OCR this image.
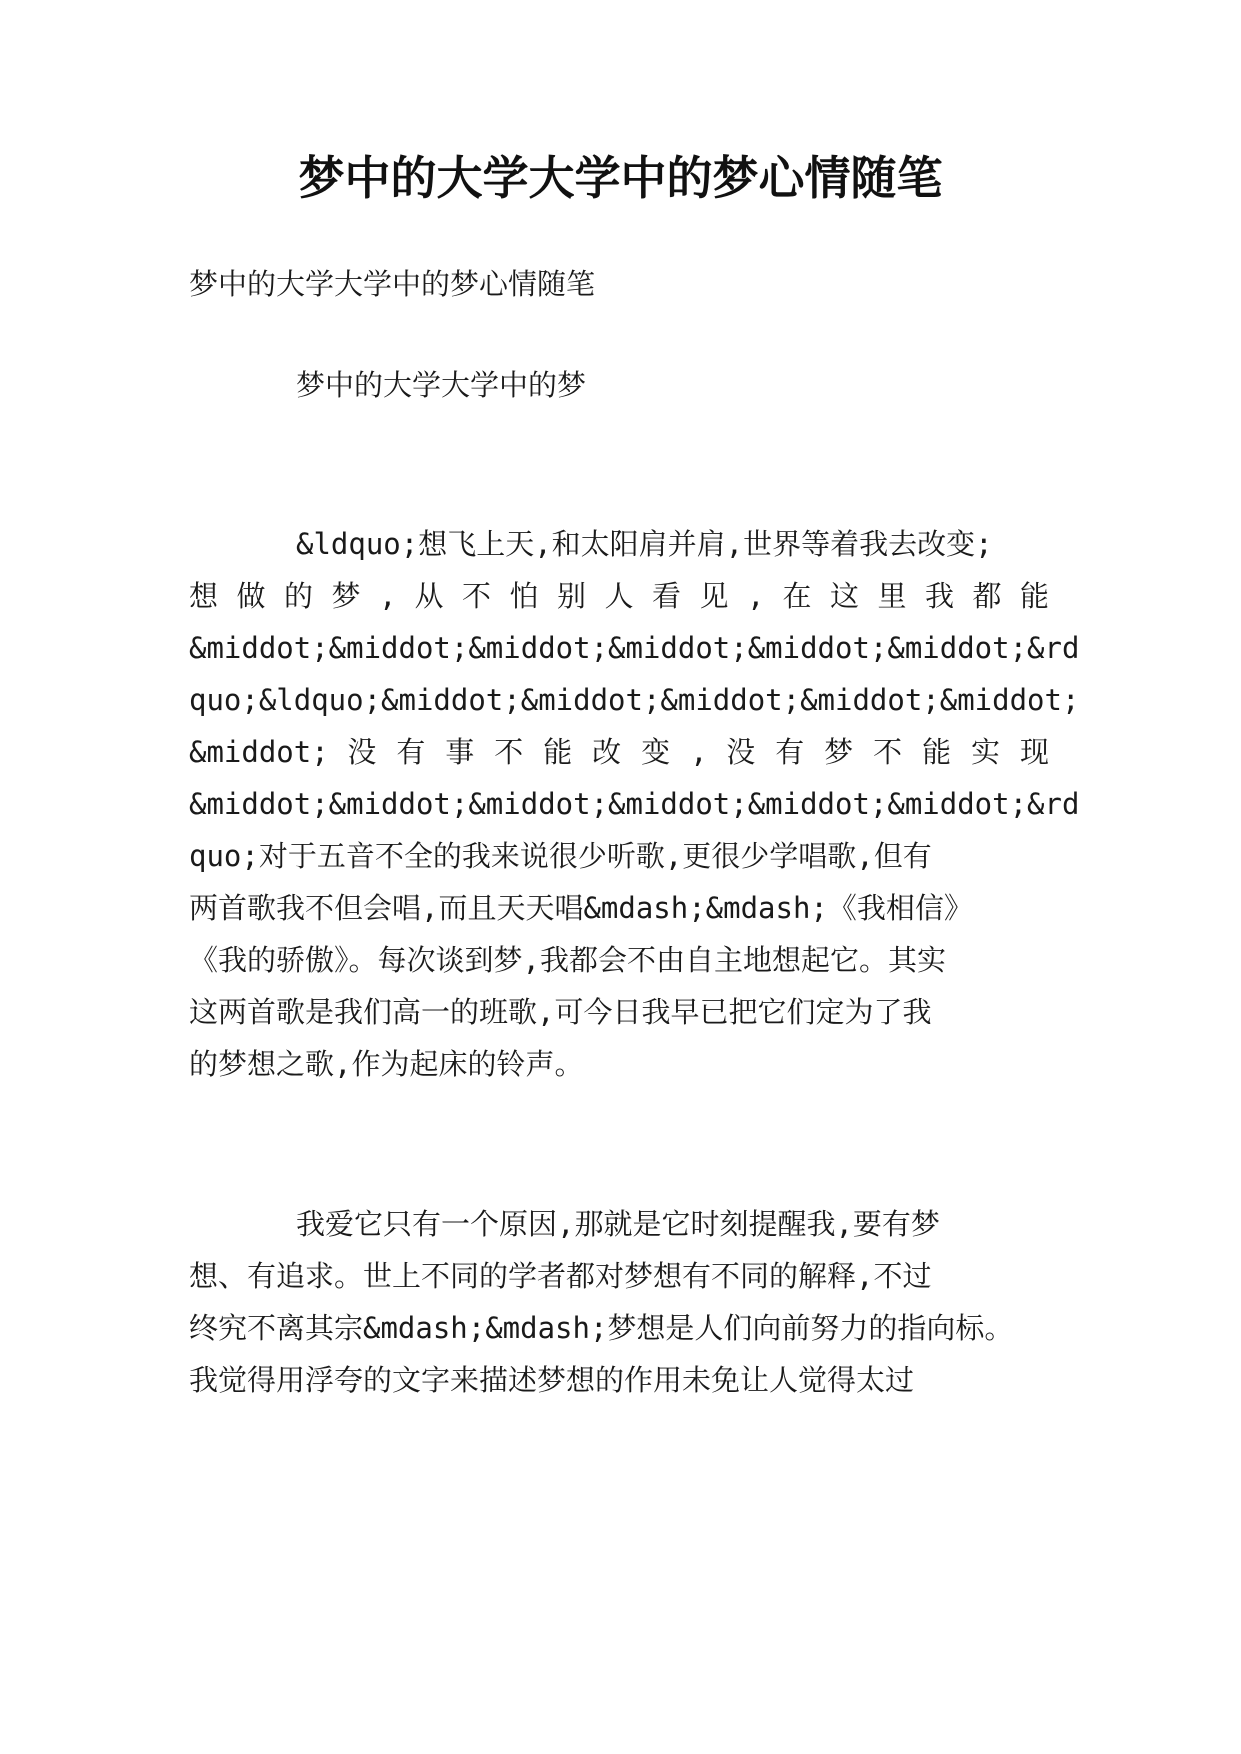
梦中的大学大学中的梦心情随笔
梦中的大学大学中的梦心情随笔
梦中的大学大学中的梦
&ldquo;想飞上天,和太阳肩并肩,世界等着我去改变;
想 做 的 梦 , 从 不 怕 别 人 看 见 , 在 这 里 我 都 能
&middot;&middot;&middot;&middot;&middot;&middot;&rd
quo;&ldquo;&middot;&middot;&middot;&middot;&middot;
&middot; 没 有 事 不 能 改 变 , 没 有 梦 不 能 实 现
&middot;&middot;&middot;&middot;&middot;&middot;&rd
quo;对于五音不全的我来说很少听歌,更很少学唱歌,但有
两首歌我不但会唱,而且天天唱&mdash;&mdash;《我相信》
《我的骄傲》。每次谈到梦,我都会不由自主地想起它。其实
这两首歌是我们高一的班歌,可今日我早已把它们定为了我
的梦想之歌,作为起床的铃声。
我爱它只有一个原因,那就是它时刻提醒我,要有梦
想、有追求。世上不同的学者都对梦想有不同的解释,不过
终究不离其宗&mdash;&mdash;梦想是人们向前努力的指向标。
我觉得用浮夸的文字来描述梦想的作用未免让人觉得太过
